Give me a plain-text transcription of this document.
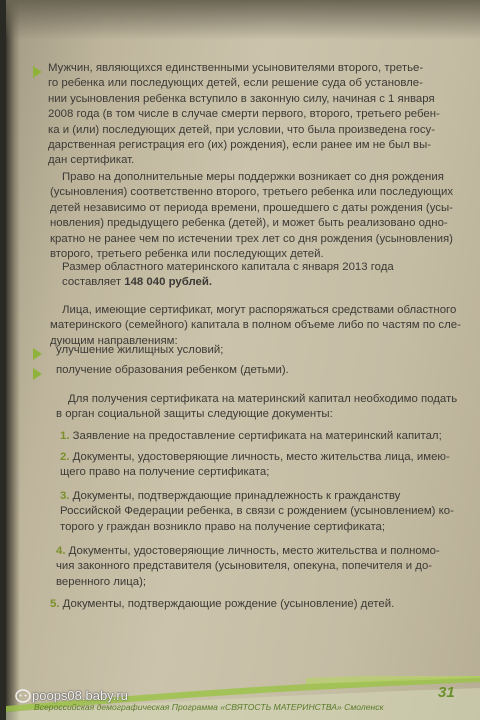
Мужчин, являющихся единственными усыновителями второго, третье-
го ребенка или последующих детей, если решение суда об установле-
нии усыновления ребенка вступило в законную силу, начиная с 1 января
2008 года (в том числе в случае смерти первого, второго, третьего ребен-
ка и (или) последующих детей, при условии, что была произведена госу-
дарственная регистрация его (их) рождения), если ранее им не был вы-
дан сертификат.
Право на дополнительные меры поддержки возникает со дня рождения
(усыновления) соответственно второго, третьего ребенка или последующих
детей независимо от периода времени, прошедшего с даты рождения (усы-
новления) предыдущего ребенка (детей), и может быть реализовано одно-
кратно не ранее чем по истечении трех лет со дня рождения (усыновления)
второго, третьего ребенка или последующих детей.
Размер областного материнского капитала с января 2013 года
составляет 148 040 рублей.
Лица, имеющие сертификат, могут распоряжаться средствами областного
материнского (семейного) капитала в полном объеме либо по частям по сле-
дующим направлениям:
улучшение жилищных условий;
получение образования ребенком (детьми).
Для получения сертификата на материнский капитал необходимо подать
в орган социальной защиты следующие документы:
1. Заявление на предоставление сертификата на материнский капитал;
2. Документы, удостоверяющие личность, место жительства лица, имею-
щего право на получение сертификата;
3. Документы, подтверждающие принадлежность к гражданству
Российской Федерации ребенка, в связи с рождением (усыновлением) ко-
торого у граждан возникло право на получение сертификата;
4. Документы, удостоверяющие личность, место жительства и полномо-
чия законного представителя (усыновителя, опекуна, попечителя и до-
веренного лица);
5. Документы, подтверждающие рождение (усыновление) детей.
poops08.baby.ru
Всероссийская демографическая Программа «СВЯТОСТЬ МАТЕРИНСТВА» Смоленск
31
